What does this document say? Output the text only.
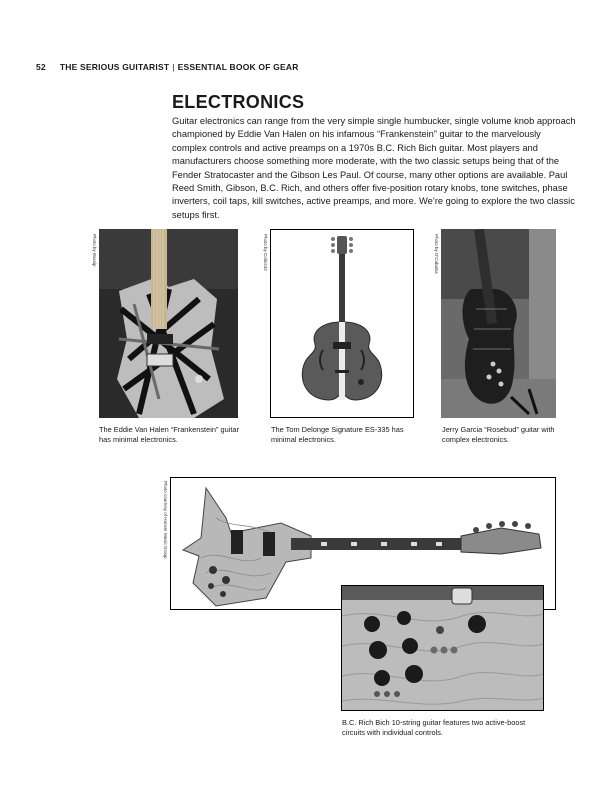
52 THE SERIOUS GUITARIST | ESSENTIAL BOOK OF GEAR
ELECTRONICS

Guitar electronics can range from the very simple single humbucker, single volume knob approach championed by Eddie Van Halen on his infamous “Frankenstein” guitar to the marvelously complex controls and active preamps on a 1970s B.C. Rich Bich guitar. Most players and manufacturers choose something more moderate, with the two classic setups being that of the Fender Stratocaster and the Gibson Les Paul. Of course, many other options are available. Paul Reed Smith, Gibson, B.C. Rich, and others offer five-position rotary knobs, tone switches, phase inverters, coil taps, kill switches, active preamps, and more. We’re going to explore the two classic setups first.

Photo by Bassip

The Eddie Van Halen “Frankenstein” guitar has minimal electronics.

Photo by Colin242

The Tom Delonge Signature ES-335 has minimal electronics.

Photo by D’Cabalas

Jerry Garcia “Rosebud” guitar with complex electronics.

Photo courtesy of Hanser Music Group

B.C. Rich Bich 10-string guitar features two active-boost circuits with individual controls.
